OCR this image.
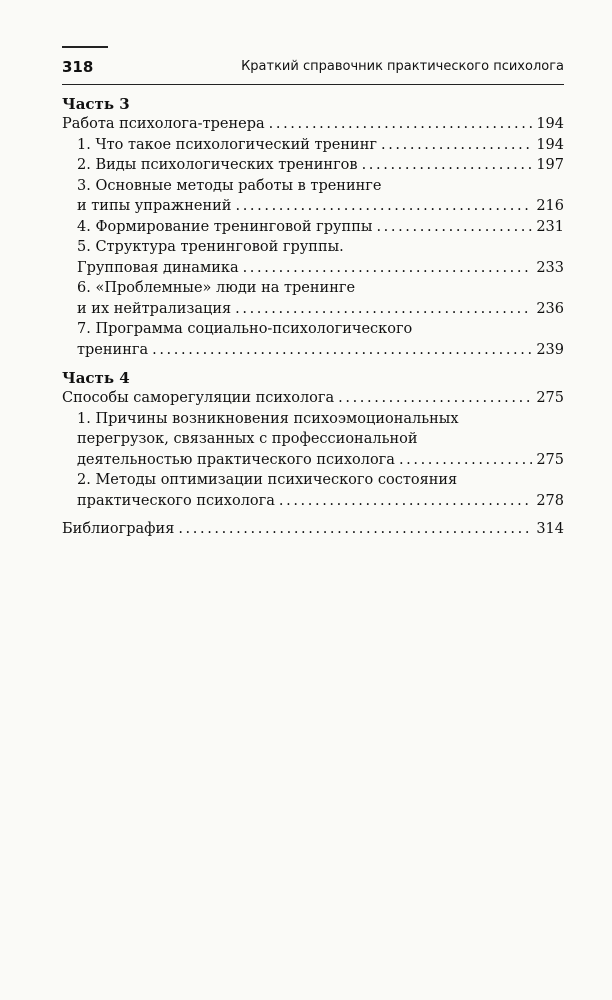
318	Краткий справочник практического психолога
Часть 3
Работа психолога-тренера . . .	194
1. Что такое психологический тренинг . . .	194
2. Виды психологических тренингов . . .	197
3. Основные методы работы в тренинге
и типы упражнений . . .	216
4. Формирование тренинговой группы . . .	231
5. Структура тренинговой группы.
Групповая динамика . . .	233
6. «Проблемные» люди на тренинге
и их нейтрализация . . .	236
7. Программа социально-психологического
тренинга . . .	239
Часть 4
Способы саморегуляции психолога . . .	275
1. Причины возникновения психоэмоциональных
перегрузок, связанных с профессиональной
деятельностью практического психолога . . .	275
2. Методы оптимизации психического состояния
практического психолога . . .	278
Библиография . . .	314
